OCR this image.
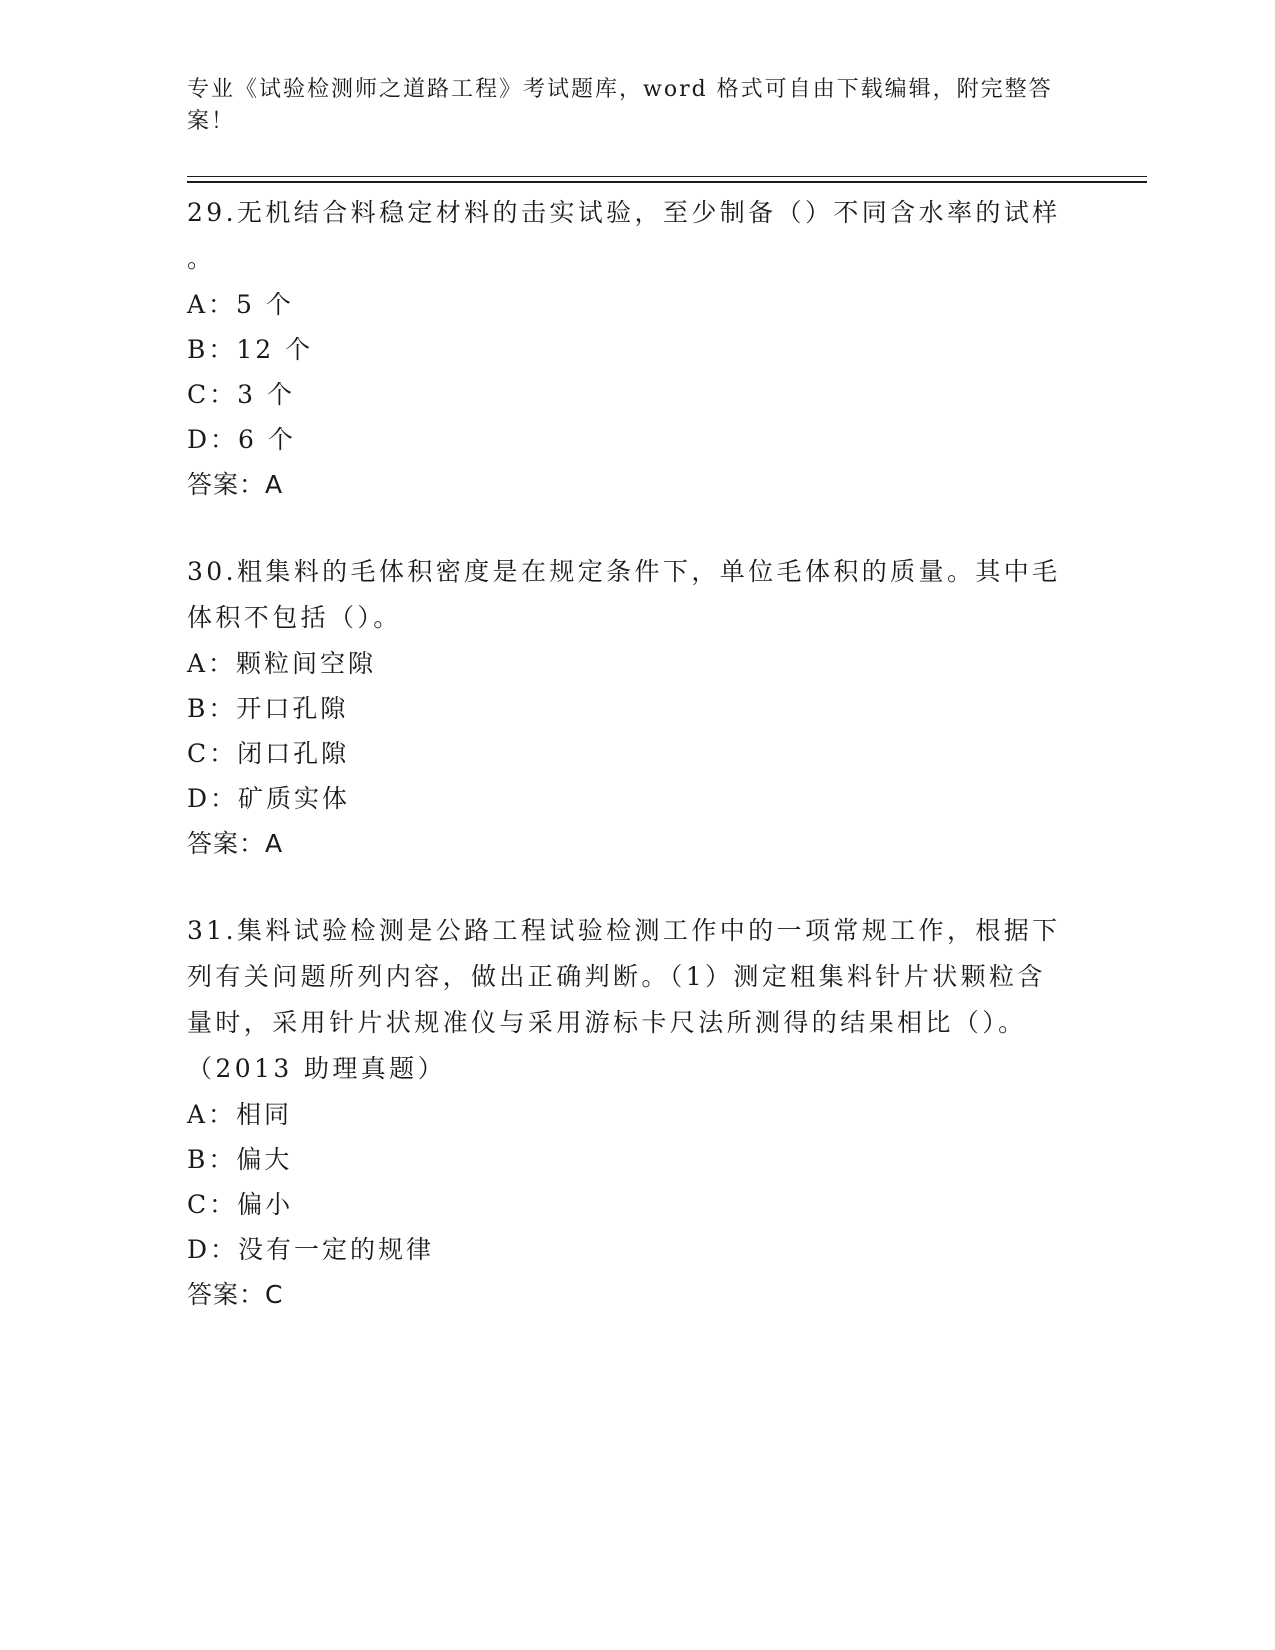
专业《试验检测师之道路工程》考试题库，word 格式可自由下载编辑，附完整答案！

29.无机结合料稳定材料的击实试验，至少制备（）不同含水率的试样

。

A：5 个

B：12 个

C：3 个

D：6 个

答案：A

30.粗集料的毛体积密度是在规定条件下，单位毛体积的质量。其中毛

体积不包括（）。

A：颗粒间空隙

B：开口孔隙

C：闭口孔隙

D：矿质实体

答案：A

31.集料试验检测是公路工程试验检测工作中的一项常规工作，根据下

列有关问题所列内容，做出正确判断。（1）测定粗集料针片状颗粒含

量时，采用针片状规准仪与采用游标卡尺法所测得的结果相比（）。

（2013 助理真题）

A：相同

B：偏大

C：偏小

D：没有一定的规律

答案：C
